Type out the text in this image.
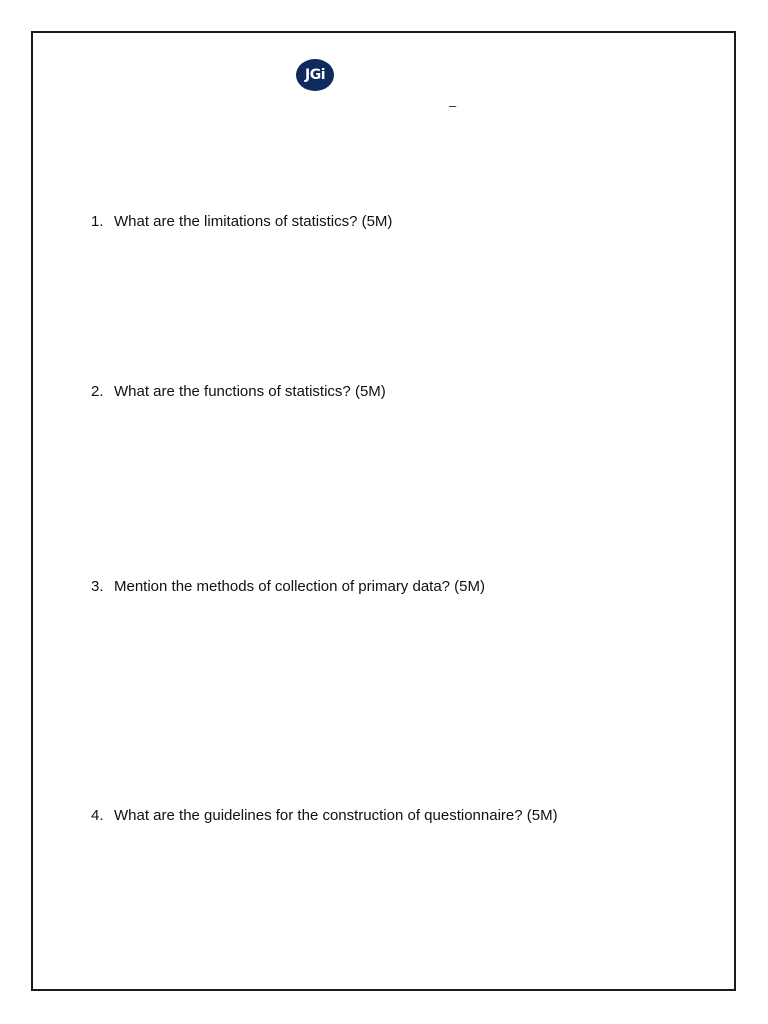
JGi
–
1. What are the limitations of statistics? (5M)
2. What are the functions of statistics? (5M)
3. Mention the methods of collection of primary data? (5M)
4. What are the guidelines for the construction of questionnaire? (5M)
